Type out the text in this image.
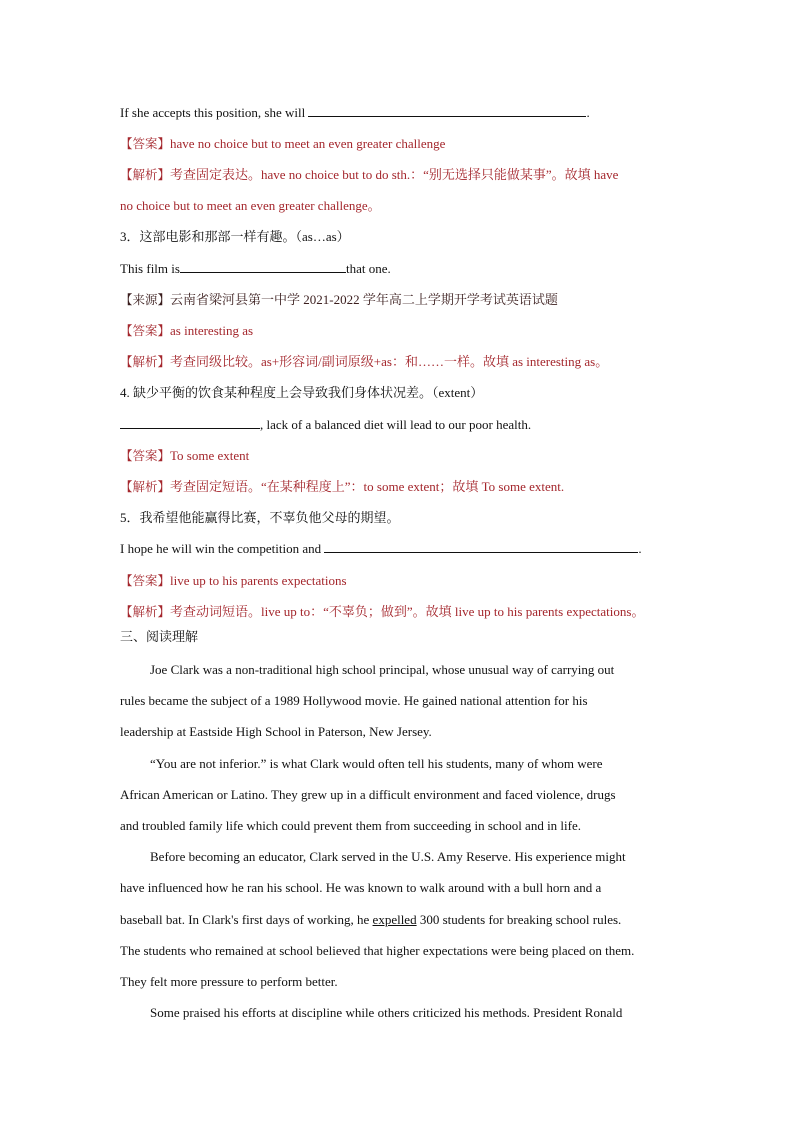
If she accepts this position, she will	.
【答案】have no choice but to meet an even greater challenge
【解析】考查固定表达。have no choice but to do sth.：“别无选择只能做某事”。故填 have
no choice but to meet an even greater challenge。
3．这部电影和那部一样有趣。（as…as）
This film is	that one.
【来源】云南省梁河县第一中学 2021-2022 学年高二上学期开学考试英语试题
【答案】as interesting as
【解析】考查同级比较。as+形容词/副词原级+as：和……一样。故填 as interesting as。
4. 缺少平衡的饮食某种程度上会导致我们身体状况差。（extent）
, lack of a balanced diet will lead to our poor health.
【答案】To some extent
【解析】考查固定短语。“在某种程度上”：to some extent；故填 To some extent.
5．我希望他能赢得比赛，不辜负他父母的期望。
I hope he will win the competition and	.
【答案】live up to his parents expectations
【解析】考查动词短语。live up to：“不辜负；做到”。故填 live up to his parents expectations。
三、阅读理解
Joe Clark was a non-traditional high school principal, whose unusual way of carrying out
rules became the subject of a 1989 Hollywood movie. He gained national attention for his
leadership at Eastside High School in Paterson, New Jersey.
“You are not inferior.” is what Clark would often tell his students, many of whom were
African American or Latino. They grew up in a difficult environment and faced violence, drugs
and troubled family life which could prevent them from succeeding in school and in life.
Before becoming an educator, Clark served in the U.S. Amy Reserve. His experience might
have influenced how he ran his school. He was known to walk around with a bull horn and a
baseball bat. In Clark's first days of working, he expelled 300 students for breaking school rules.
The students who remained at school believed that higher expectations were being placed on them.
They felt more pressure to perform better.
Some praised his efforts at discipline while others criticized his methods. President Ronald
